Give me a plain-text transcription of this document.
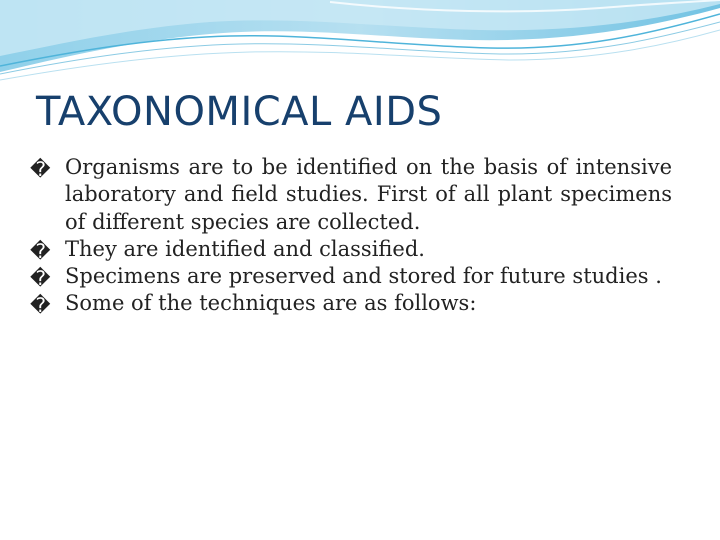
TAXONOMICAL AIDS
� Organisms are to be identified on the basis of intensive laboratory and field studies. First of all plant specimens of different species are collected.
� They are identified and classified.
� Specimens are preserved and stored for future studies .
� Some of the techniques are as follows:
